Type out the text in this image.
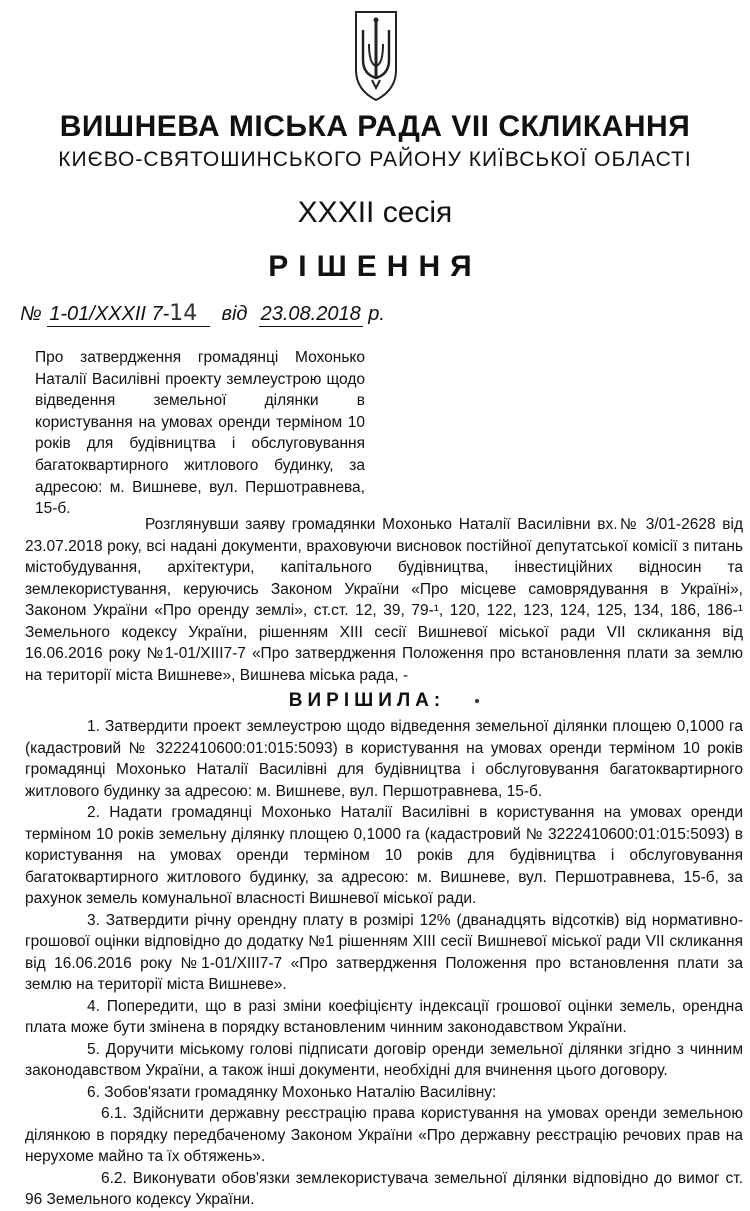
ВИШНЕВА МІСЬКА РАДА VII СКЛИКАННЯ
КИЄВО-СВЯТОШИНСЬКОГО РАЙОНУ КИЇВСЬКОЇ ОБЛАСТІ
XXXII сесія
РІШЕННЯ
№ 1-01/XXXII 7-14 від 23.08.2018 р.
Про затвердження громадянці Мохонько Наталії Василівні проекту землеустрою щодо відведення земельної ділянки в користування на умовах оренди терміном 10 років для будівництва і обслуговування багатоквартирного житлового будинку, за адресою: м. Вишневе, вул. Першотравнева, 15-б.

Розглянувши заяву громадянки Мохонько Наталії Василівни вх.№ 3/01-2628 від 23.07.2018 року, всі надані документи, враховуючи висновок постійної депутатської комісії з питань містобудування, архітектури, капітального будівництва, інвестиційних відносин та землекористування, керуючись Законом України «Про місцеве самоврядування в Україні», Законом України «Про оренду землі», ст.ст. 12, 39, 79-¹, 120, 122, 123, 124, 125, 134, 186, 186-¹ Земельного кодексу України, рішенням XIII сесії Вишневої міської ради VII скликання від 16.06.2016 року №1-01/XIII7-7 «Про затвердження Положення про встановлення плати за землю на території міста Вишневе», Вишнева міська рада, -

ВИРІШИЛА:

1. Затвердити проект землеустрою щодо відведення земельної ділянки площею 0,1000 га (кадастровий № 3222410600:01:015:5093) в користування на умовах оренди терміном 10 років громадянці Мохонько Наталії Василівні для будівництва і обслуговування багатоквартирного житлового будинку за адресою: м. Вишневе, вул. Першотравнева, 15-б.

2. Надати громадянці Мохонько Наталії Василівні в користування на умовах оренди терміном 10 років земельну ділянку площею 0,1000 га (кадастровий № 3222410600:01:015:5093) в користування на умовах оренди терміном 10 років для будівництва і обслуговування багатоквартирного житлового будинку, за адресою: м. Вишневе, вул. Першотравнева, 15-б, за рахунок земель комунальної власності Вишневої міської ради.

3. Затвердити річну орендну плату в розмірі 12% (дванадцять відсотків) від нормативно-грошової оцінки відповідно до додатку №1 рішенням XIII сесії Вишневої міської ради VII скликання від 16.06.2016 року №1-01/XIII7-7 «Про затвердження Положення про встановлення плати за землю на території міста Вишневе».

4. Попередити, що в разі зміни коефіцієнту індексації грошової оцінки земель, орендна плата може бути змінена в порядку встановленим чинним законодавством України.

5. Доручити міському голові підписати договір оренди земельної ділянки згідно з чинним законодавством України, а також інші документи, необхідні для вчинення цього договору.

6. Зобов'язати громадянку Мохонько Наталію Василівну:

6.1. Здійснити державну реєстрацію права користування на умовах оренди земельною ділянкою в порядку передбаченому Законом України «Про державну реєстрацію речових прав на нерухоме майно та їх обтяжень».

6.2. Виконувати обов'язки землекористувача земельної ділянки відповідно до вимог ст. 96 Земельного кодексу України.
